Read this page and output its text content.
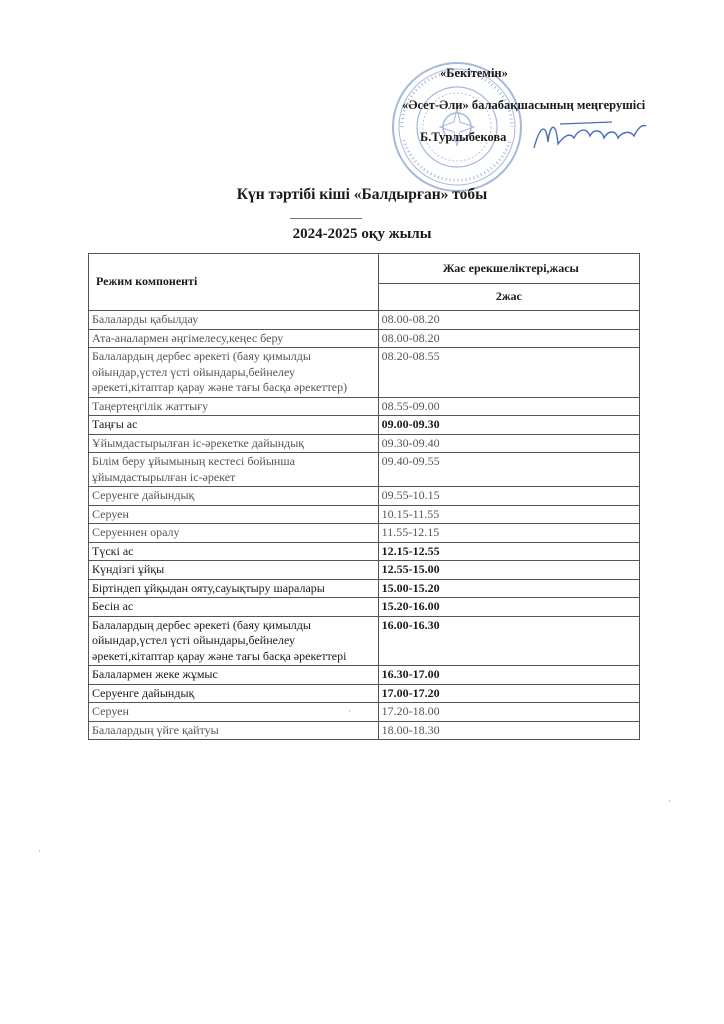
«Бекітемін»
«Әсет-Әли» балабақшасының меңгерушісі
Б.Турлыбекова
Күн тәртібі кіші «Балдырған» тобы
2024-2025 оқу жылы
Режим компоненті	Жас ерекшеліктері,жасы
	2жас
Балаларды қабылдау	08.00-08.20
Ата-аналармен әңгімелесу,кеңес беру	08.00-08.20
Балалардың дербес әрекеті (баяу қимылды ойындар,үстел үсті ойындары,бейнелеу әрекеті,кітаптар қарау және тағы басқа әрекеттер)	08.20-08.55
Таңертеңгілік жаттығу	08.55-09.00
Таңғы ас	09.00-09.30
Ұйымдастырылған іс-әрекетке дайындық	09.30-09.40
Білім беру ұйымының кестесі бойынша ұйымдастырылған іс-әрекет	09.40-09.55
Серуенге дайындық	09.55-10.15
Серуен	10.15-11.55
Серуеннен оралу	11.55-12.15
Түскі ас	12.15-12.55
Күндізгі ұйқы	12.55-15.00
Біртіндеп ұйқыдан ояту,сауықтыру шаралары	15.00-15.20
Бесін ас	15.20-16.00
Балалардың дербес әрекеті (баяу қимылды ойындар,үстел үсті ойындары,бейнелеу әрекеті,кітаптар қарау және тағы басқа әрекеттері	16.00-16.30
Балалармен жеке жұмыс	16.30-17.00
Серуенге дайындық	17.00-17.20
Серуен	17.20-18.00
Балалардың үйге қайтуы	18.00-18.30
·
·
·
